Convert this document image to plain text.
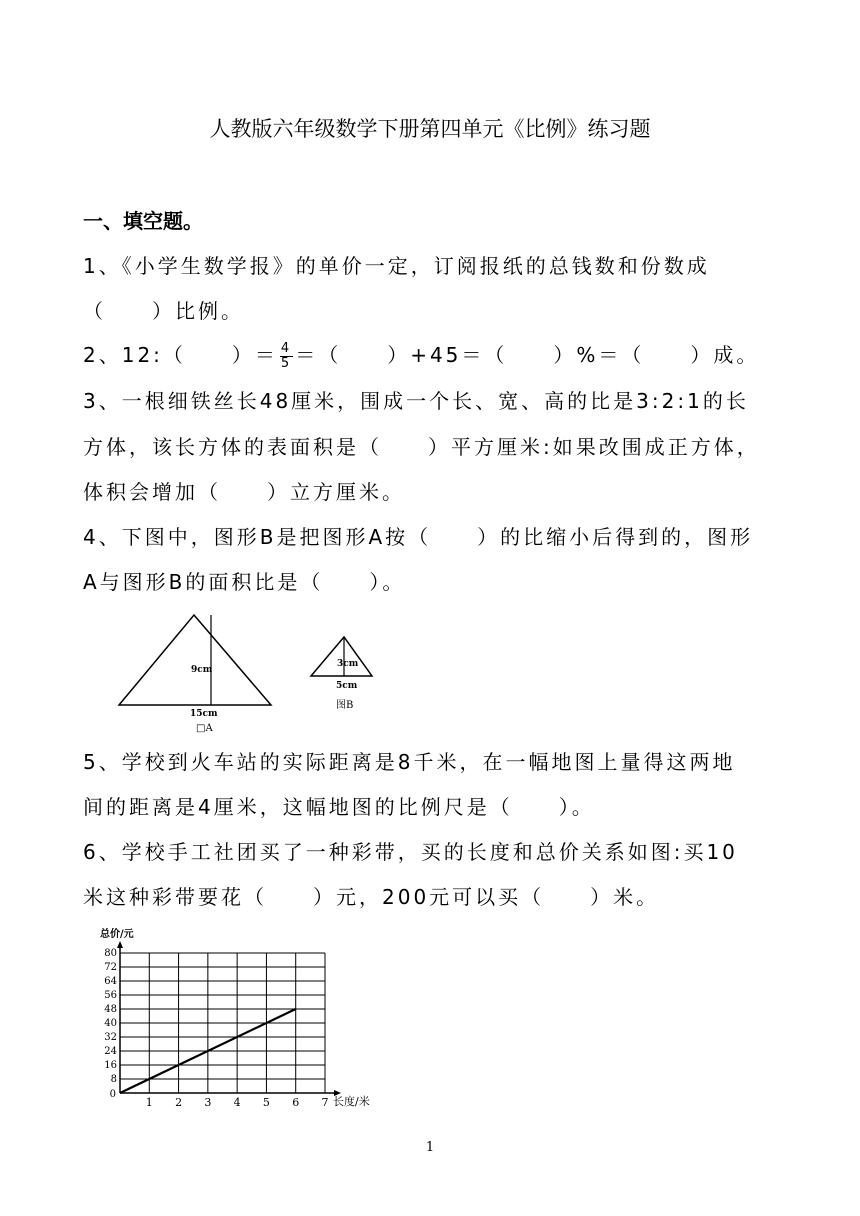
人教版六年级数学下册第四单元《比例》练习题
一、填空题。
1、《小学生数学报》的单价一定，订阅报纸的总钱数和份数成
（　　）比例。
2、12:（　　）＝ $\frac{4}{5}$ ＝（　　）+45＝（　　）%＝（　　）成。
3、一根细铁丝长48厘米，围成一个长、宽、高的比是3:2:1的长
方体，该长方体的表面积是（　　）平方厘米:如果改围成正方体，
体积会增加（　　）立方厘米。
4、下图中，图形B是把图形A按（　　）的比缩小后得到的，图形
A与图形B的面积比是（　　）。
9cm
15cm
□A
3cm
5cm
图B
5、学校到火车站的实际距离是8千米，在一幅地图上量得这两地
间的距离是4厘米，这幅地图的比例尺是（　　）。
6、学校手工社团买了一种彩带，买的长度和总价关系如图:买10
米这种彩带要花（　　）元，200元可以买（　　）米。
8
16
24
32
40
48
56
64
72
80
1 2 3 4 5 6 7
0
总价/元
长度/米
1
